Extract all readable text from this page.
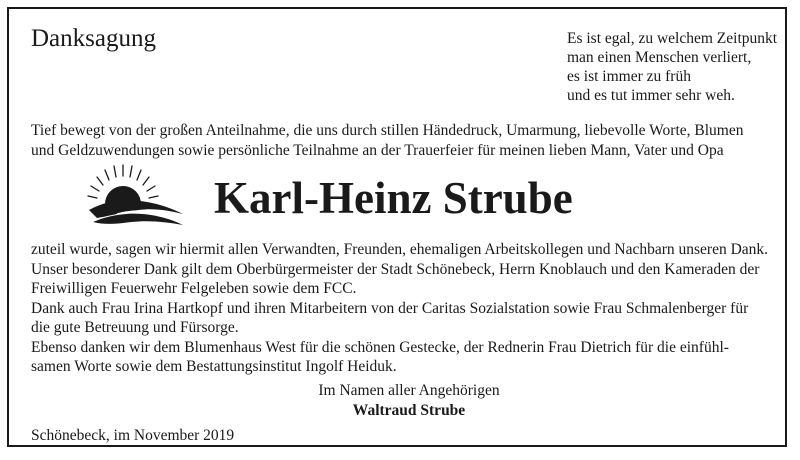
Danksagung	Es ist egal, zu welchem Zeitpunkt
man einen Menschen verliert,
es ist immer zu früh
und es tut immer sehr weh.
Tief bewegt von der großen Anteilnahme, die uns durch stillen Händedruck, Umarmung, liebevolle Worte, Blumen
und Geldzuwendungen sowie persönliche Teilnahme an der Trauerfeier für meinen lieben Mann, Vater und Opa
Karl-Heinz Strube
zuteil wurde, sagen wir hiermit allen Verwandten, Freunden, ehemaligen Arbeitskollegen und Nachbarn unseren Dank.
Unser besonderer Dank gilt dem Oberbürgermeister der Stadt Schönebeck, Herrn Knoblauch und den Kameraden der
Freiwilligen Feuerwehr Felgeleben sowie dem FCC.
Dank auch Frau Irina Hartkopf und ihren Mitarbeitern von der Caritas Sozialstation sowie Frau Schmalenberger für
die gute Betreuung und Fürsorge.
Ebenso danken wir dem Blumenhaus West für die schönen Gestecke, der Rednerin Frau Dietrich für die einfühl-
samen Worte sowie dem Bestattungsinstitut Ingolf Heiduk.
Im Namen aller Angehörigen
Waltraud Strube
Schönebeck, im November 2019
